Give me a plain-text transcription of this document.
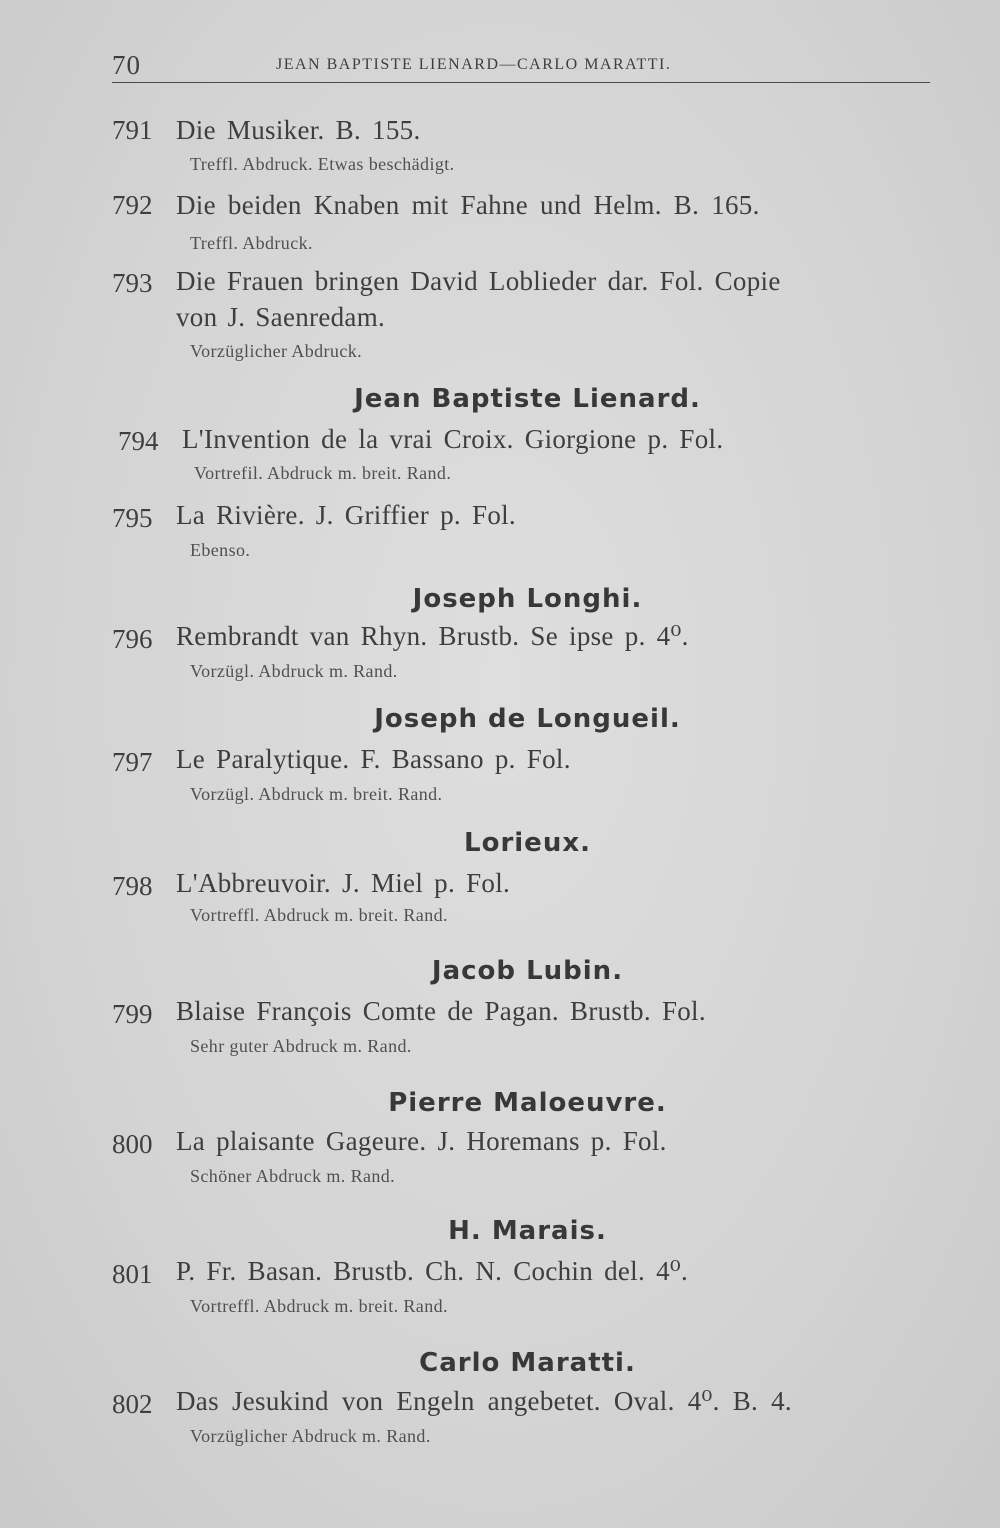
70	JEAN BAPTISTE LIENARD—CARLO MARATTI.
791 Die Musiker. B. 155.
Treffl. Abdruck. Etwas beschädigt.
792 Die beiden Knaben mit Fahne und Helm. B. 165.
Treffl. Abdruck.
793 Die Frauen bringen David Loblieder dar. Fol. Copie
von J. Saenredam.
Vorzüglicher Abdruck.
Jean Baptiste Lienard.
794 L'Invention de la vrai Croix. Giorgione p. Fol.
Vortrefil. Abdruck m. breit. Rand.
795 La Rivière. J. Griffier p. Fol.
Ebenso.
Joseph Longhi.
796 Rembrandt van Rhyn. Brustb. Se ipse p. 4⁰.
Vorzügl. Abdruck m. Rand.
Joseph de Longueil.
797 Le Paralytique. F. Bassano p. Fol.
Vorzügl. Abdruck m. breit. Rand.
Lorieux.
798 L'Abbreuvoir. J. Miel p. Fol.
Vortreffl. Abdruck m. breit. Rand.
Jacob Lubin.
799 Blaise François Comte de Pagan. Brustb. Fol.
Sehr guter Abdruck m. Rand.
Pierre Maloeuvre.
800 La plaisante Gageure. J. Horemans p. Fol.
Schöner Abdruck m. Rand.
H. Marais.
801 P. Fr. Basan. Brustb. Ch. N. Cochin del. 4⁰.
Vortreffl. Abdruck m. breit. Rand.
Carlo Maratti.
802 Das Jesukind von Engeln angebetet. Oval. 4⁰. B. 4.
Vorzüglicher Abdruck m. Rand.
